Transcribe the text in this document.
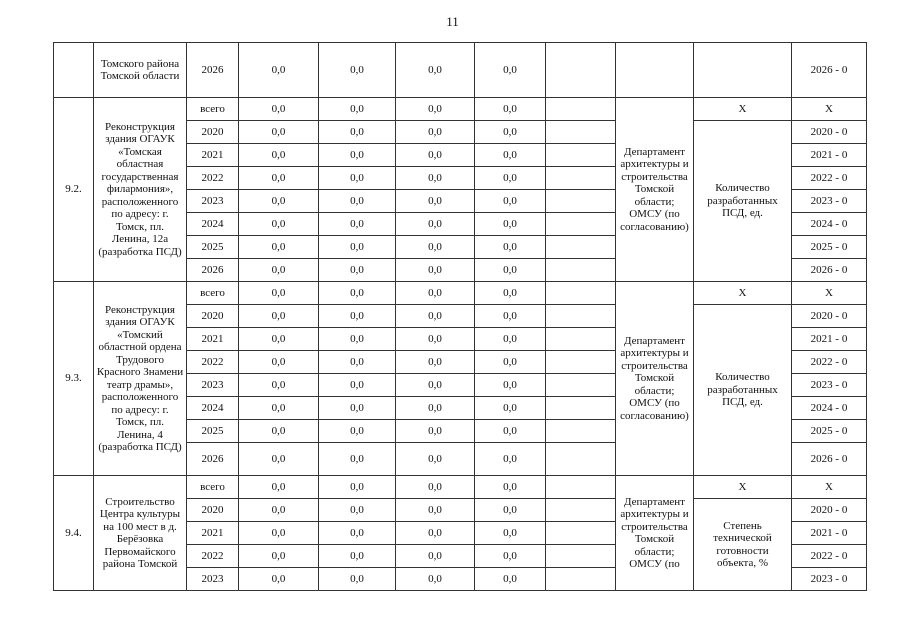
11
	Томского района Томской области	2026	0,0	0,0	0,0	0,0				2026 - 0
9.2.	Реконструкция здания ОГАУК «Томская областная государственная филармония», расположенного по адресу: г. Томск, пл. Ленина, 12а (разработка ПСД)	всего	0,0	0,0	0,0	0,0		Департамент архитектуры и строительства Томской области; ОМСУ (по согласованию)	X	X
		2020	0,0	0,0	0,0	0,0			Количество разработанных ПСД, ед.	2020 - 0
		2021	0,0	0,0	0,0	0,0				2021 - 0
		2022	0,0	0,0	0,0	0,0				2022 - 0
		2023	0,0	0,0	0,0	0,0				2023 - 0
		2024	0,0	0,0	0,0	0,0				2024 - 0
		2025	0,0	0,0	0,0	0,0				2025 - 0
		2026	0,0	0,0	0,0	0,0				2026 - 0
9.3.	Реконструкция здания ОГАУК «Томский областной ордена Трудового Красного Знамени театр драмы», расположенного по адресу: г. Томск, пл. Ленина, 4 (разработка ПСД)	всего	0,0	0,0	0,0	0,0		Департамент архитектуры и строительства Томской области; ОМСУ (по согласованию)	X	X
		2020	0,0	0,0	0,0	0,0			Количество разработанных ПСД, ед.	2020 - 0
		2021	0,0	0,0	0,0	0,0				2021 - 0
		2022	0,0	0,0	0,0	0,0				2022 - 0
		2023	0,0	0,0	0,0	0,0				2023 - 0
		2024	0,0	0,0	0,0	0,0				2024 - 0
		2025	0,0	0,0	0,0	0,0				2025 - 0
		2026	0,0	0,0	0,0	0,0				2026 - 0
9.4.	Строительство Центра культуры на 100 мест в д. Берёзовка Первомайского района Томской	всего	0,0	0,0	0,0	0,0		Департамент архитектуры и строительства Томской области; ОМСУ (по	X	X
		2020	0,0	0,0	0,0	0,0			Степень технической готовности объекта, %	2020 - 0
		2021	0,0	0,0	0,0	0,0				2021 - 0
		2022	0,0	0,0	0,0	0,0				2022 - 0
		2023	0,0	0,0	0,0	0,0				2023 - 0
